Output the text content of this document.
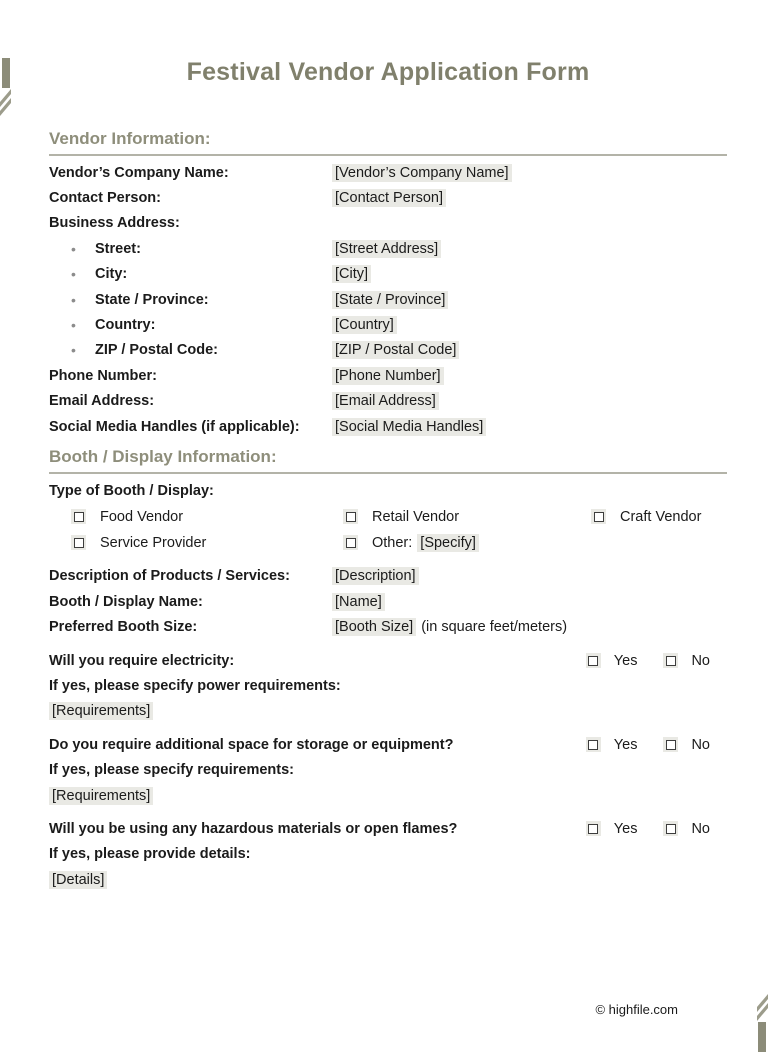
Festival Vendor Application Form
Vendor Information:
Vendor’s Company Name:	[Vendor’s Company Name]
Contact Person:	[Contact Person]
Business Address:
•	Street:	[Street Address]
•	City:	[City]
•	State / Province:	[State / Province]
•	Country:	[Country]
•	ZIP / Postal Code:	[ZIP / Postal Code]
Phone Number:	[Phone Number]
Email Address:	[Email Address]
Social Media Handles (if applicable):	[Social Media Handles]
Booth / Display Information:
Type of Booth / Display:
Food Vendor	Retail Vendor	Craft Vendor
Service Provider	Other: [Specify]
Description of Products / Services:	[Description]
Booth / Display Name:	[Name]
Preferred Booth Size:	[Booth Size] (in square feet/meters)
Will you require electricity:	Yes	No
If yes, please specify power requirements:
[Requirements]
Do you require additional space for storage or equipment?	Yes	No
If yes, please specify requirements:
[Requirements]
Will you be using any hazardous materials or open flames?	Yes	No
If yes, please provide details:
[Details]
© highfile.com
